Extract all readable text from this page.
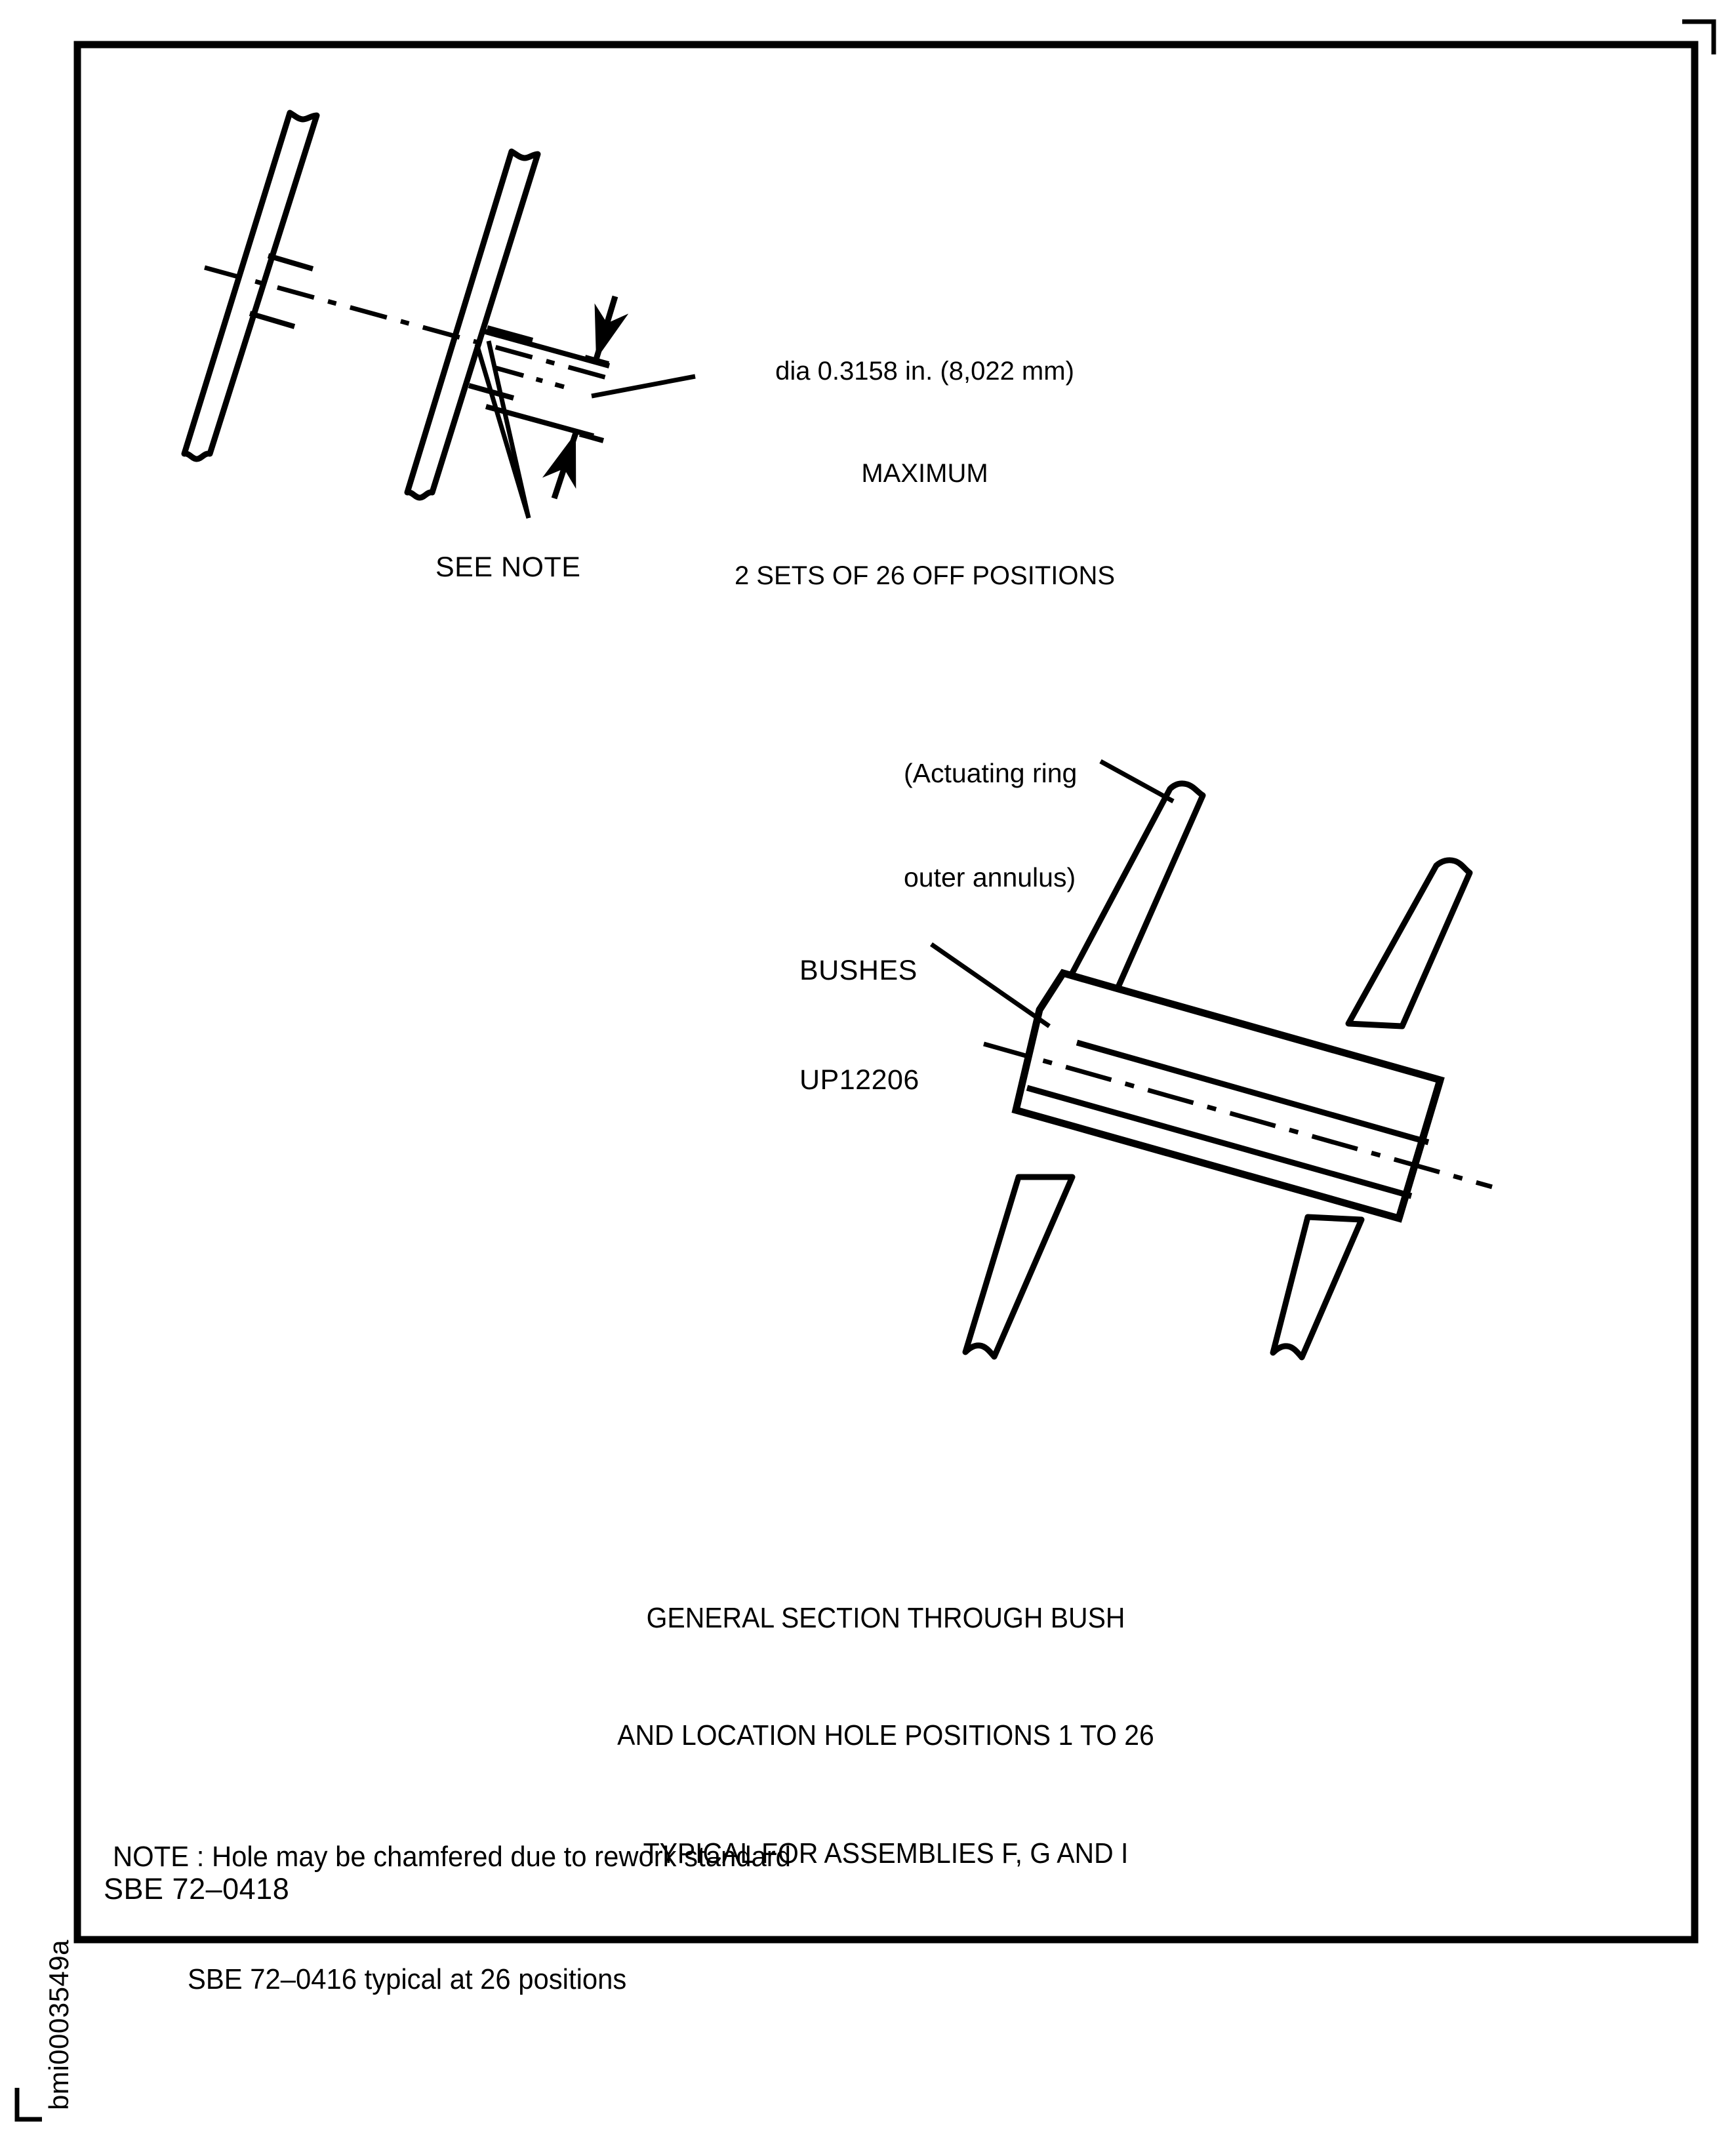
dia 0.3158 in. (8,022 mm)

MAXIMUM

2 SETS OF 26 OFF POSITIONS

SEE NOTE

(Actuating ring

outer annulus)

BUSHES

UP12206

GENERAL SECTION THROUGH BUSH

AND LOCATION HOLE POSITIONS 1 TO 26

TYPICAL FOR ASSEMBLIES F, G AND I

NOTE : Hole may be chamfered due to rework standard

SBE 72–0416 typical at 26 positions

SBE 72–0418
bmi0003549a
